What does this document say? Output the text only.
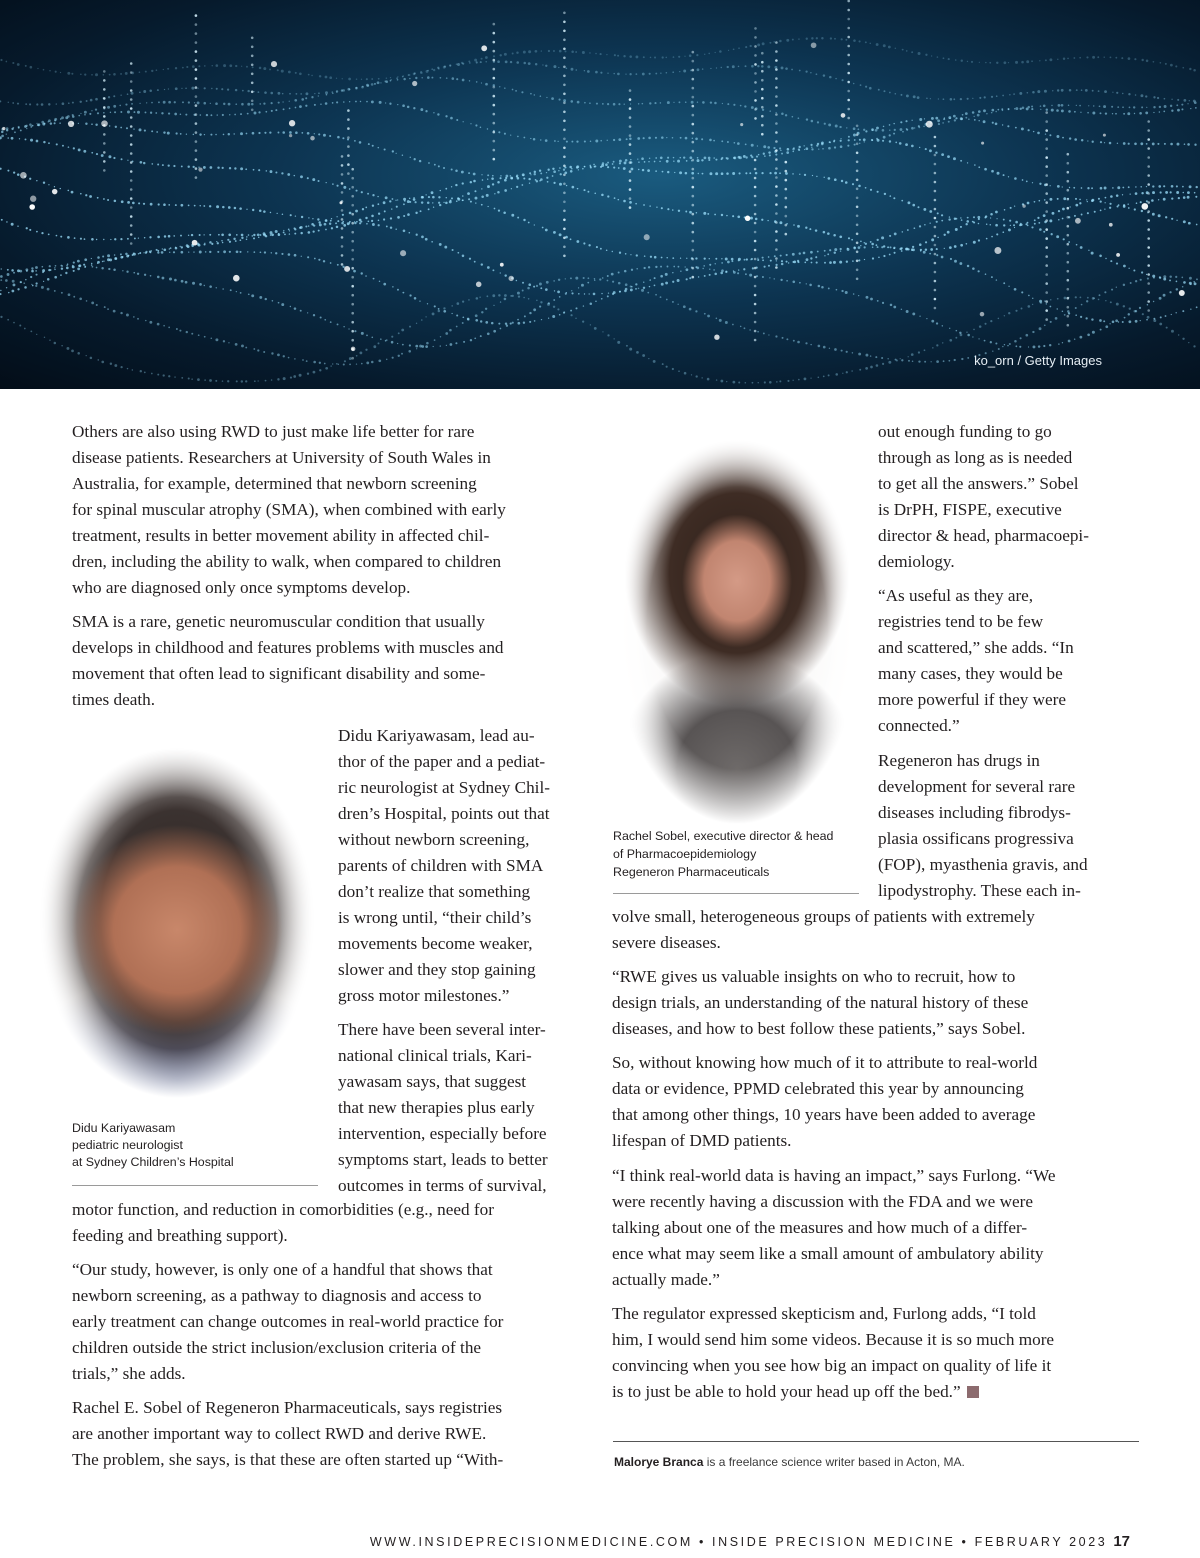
ko_orn / Getty Images

Others are also using RWD to just make life better for rare

disease patients. Researchers at University of South Wales in

Australia, for example, determined that newborn screening

for spinal muscular atrophy (SMA), when combined with early

treatment, results in better movement ability in affected chil-

dren, including the ability to walk, when compared to children

who are diagnosed only once symptoms develop.

SMA is a rare, genetic neuromuscular condition that usually

develops in childhood and features problems with muscles and

movement that often lead to significant disability and some-

times death.

Didu Kariyawasam, lead au-

thor of the paper and a pediat-

ric neurologist at Sydney Chil-

dren’s Hospital, points out that

without newborn screening,

parents of children with SMA

don’t realize that something

is wrong until, “their child’s

movements become weaker,

slower and they stop gaining

gross motor milestones.”

There have been several inter-

national clinical trials, Kari-

yawasam says, that suggest

that new therapies plus early

intervention, especially before

symptoms start, leads to better

outcomes in terms of survival,

Didu Kariyawasam

pediatric neurologist

at Sydney Children’s Hospital

motor function, and reduction in comorbidities (e.g., need for

feeding and breathing support).

“Our study, however, is only one of a handful that shows that

newborn screening, as a pathway to diagnosis and access to

early treatment can change outcomes in real-world practice for

children outside the strict inclusion/exclusion criteria of the

trials,” she adds.

Rachel E. Sobel of Regeneron Pharmaceuticals, says registries

are another important way to collect RWD and derive RWE.

The problem, she says, is that these are often started up “With-

out enough funding to go

through as long as is needed

to get all the answers.” Sobel

is DrPH, FISPE, executive

director & head, pharmacoepi-

demiology.

“As useful as they are,

registries tend to be few

and scattered,” she adds. “In

many cases, they would be

more powerful if they were

connected.”

Regeneron has drugs in

development for several rare

diseases including fibrodys-

plasia ossificans progressiva

(FOP), myasthenia gravis, and

lipodystrophy. These each in-

Rachel Sobel, executive director & head

of Pharmacoepidemiology

Regeneron Pharmaceuticals

volve small, heterogeneous groups of patients with extremely

severe diseases.

“RWE gives us valuable insights on who to recruit, how to

design trials, an understanding of the natural history of these

diseases, and how to best follow these patients,” says Sobel.

So, without knowing how much of it to attribute to real-world

data or evidence, PPMD celebrated this year by announcing

that among other things, 10 years have been added to average

lifespan of DMD patients.

“I think real-world data is having an impact,” says Furlong. “We

were recently having a discussion with the FDA and we were

talking about one of the measures and how much of a differ-

ence what may seem like a small amount of ambulatory ability

actually made.”

The regulator expressed skepticism and, Furlong adds, “I told

him, I would send him some videos. Because it is so much more

convincing when you see how big an impact on quality of life it

is to just be able to hold your head up off the bed.”

Malorye Branca is a freelance science writer based in Acton, MA.

WWW.INSIDEPRECISIONMEDICINE.COM • INSIDE PRECISION MEDICINE • FEBRUARY 2023 17
